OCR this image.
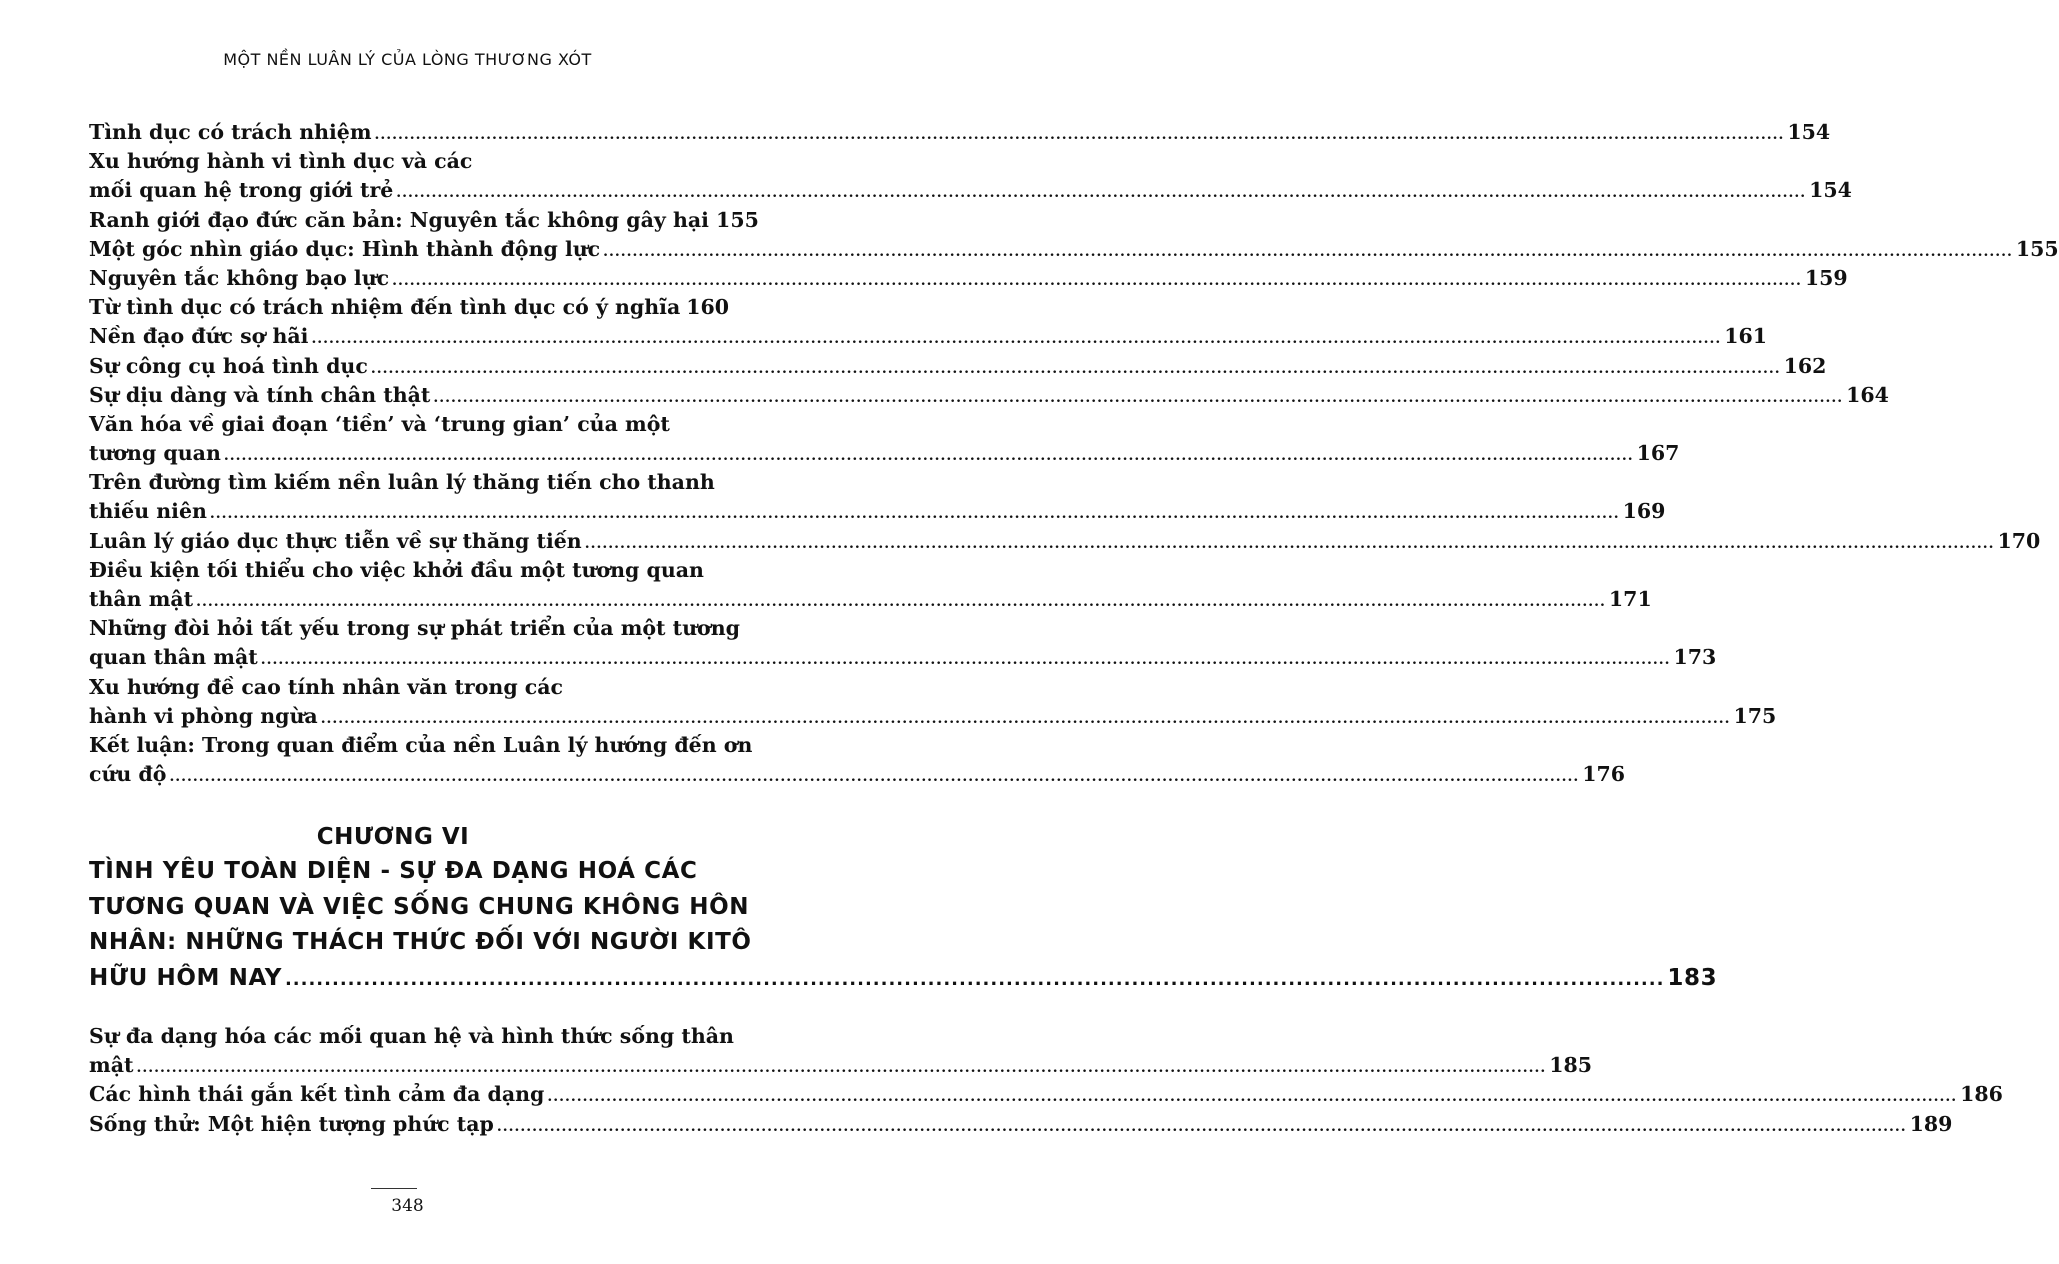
MỘT NỀN LUÂN LÝ CỦA LÒNG THƯƠNG XÓT
Tình dục có trách nhiệm .....	154
Xu hướng hành vi tình dục và các
mối quan hệ trong giới trẻ .....	154
Ranh giới đạo đức căn bản: Nguyên tắc không gây hại 155
Một góc nhìn giáo dục: Hình thành động lực .....	155
Nguyên tắc không bạo lực .....	159
Từ tình dục có trách nhiệm đến tình dục có ý nghĩa 160
Nền đạo đức sợ hãi .....	161
Sự công cụ hoá tình dục .....	162
Sự dịu dàng và tính chân thật .....	164
Văn hóa về giai đoạn ‘tiền’ và ‘trung gian’ của một
tương quan .....	167
Trên đường tìm kiếm nền luân lý thăng tiến cho thanh
thiếu niên .....	169
Luân lý giáo dục thực tiễn về sự thăng tiến .....	170
Điều kiện tối thiểu cho việc khởi đầu một tương quan
thân mật .....	171
Những đòi hỏi tất yếu trong sự phát triển của một tương
quan thân mật .....	173
Xu hướng đề cao tính nhân văn trong các
hành vi phòng ngừa .....	175
Kết luận: Trong quan điểm của nền Luân lý hướng đến ơn
cứu độ .....	176
CHƯƠNG VI
TÌNH YÊU TOÀN DIỆN - SỰ ĐA DẠNG HOÁ CÁC
TƯƠNG QUAN VÀ VIỆC SỐNG CHUNG KHÔNG HÔN
NHÂN: NHỮNG THÁCH THỨC ĐỐI VỚI NGƯỜI KITÔ
HỮU HÔM NAY .....	183
Sự đa dạng hóa các mối quan hệ và hình thức sống thân
mật .....	185
Các hình thái gắn kết tình cảm đa dạng .....	186
Sống thử: Một hiện tượng phức tạp .....	189
348
